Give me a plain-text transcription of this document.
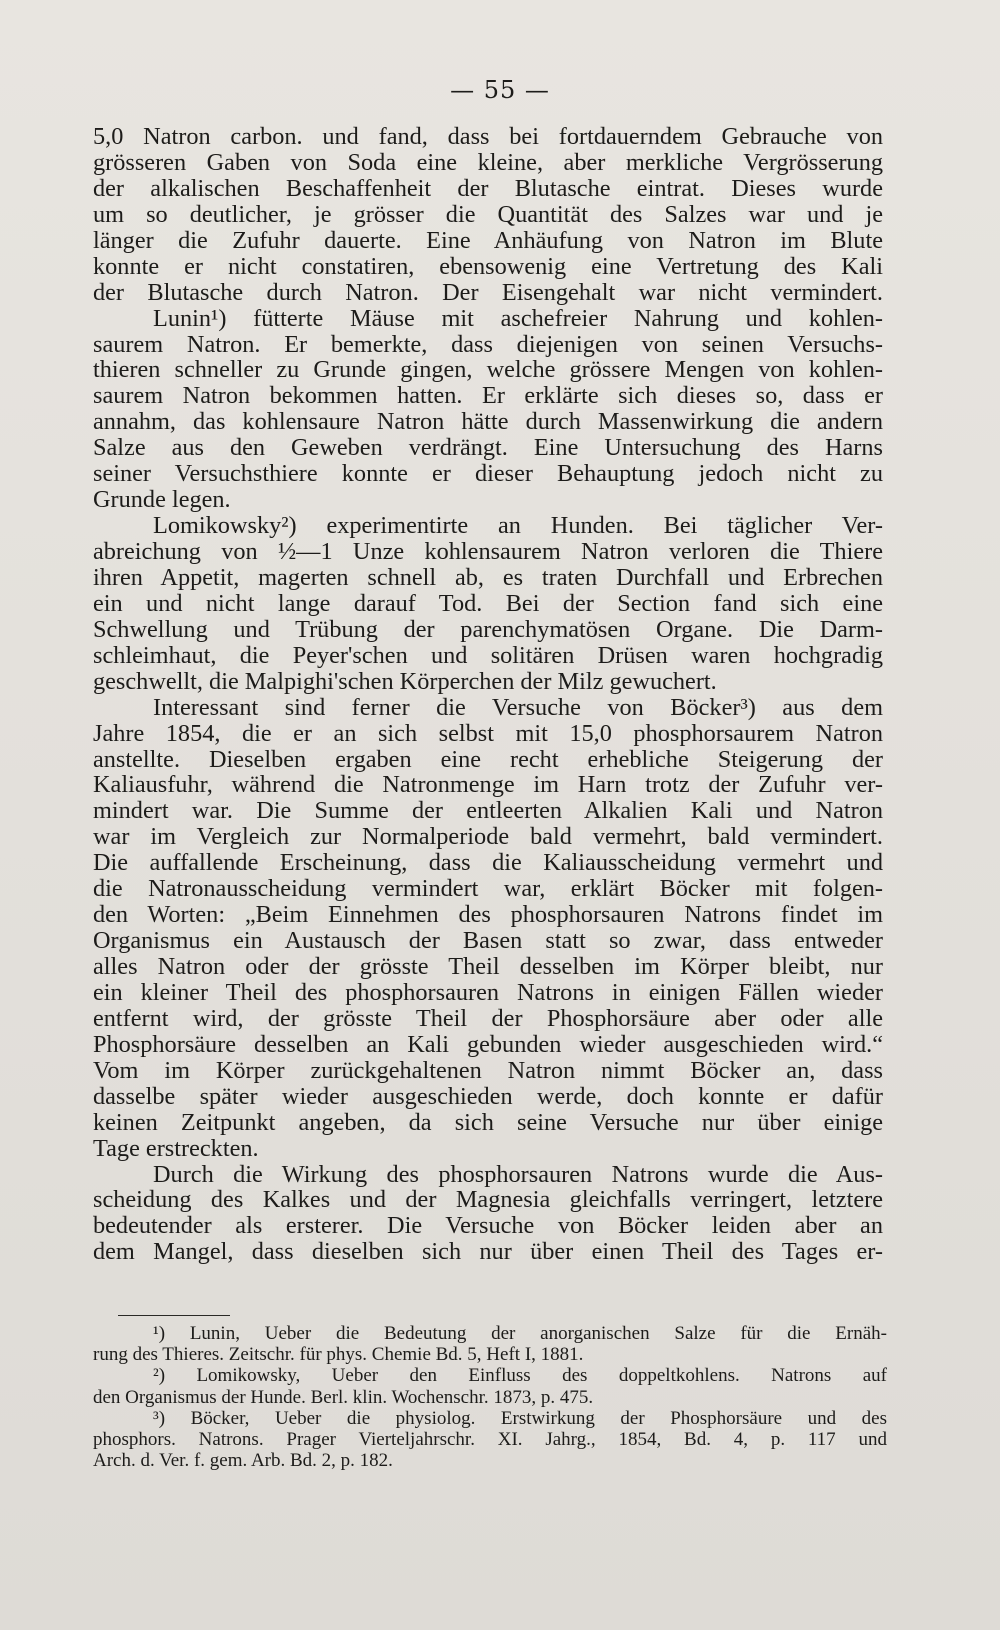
— 55 —
5,0 Natron carbon. und fand, dass bei fortdauerndem Gebrauche von
grösseren Gaben von Soda eine kleine, aber merkliche Vergrösserung
der alkalischen Beschaffenheit der Blutasche eintrat. Dieses wurde
um so deutlicher, je grösser die Quantität des Salzes war und je
länger die Zufuhr dauerte. Eine Anhäufung von Natron im Blute
konnte er nicht constatiren, ebensowenig eine Vertretung des Kali
der Blutasche durch Natron. Der Eisengehalt war nicht vermindert.
Lunin¹) fütterte Mäuse mit aschefreier Nahrung und kohlen-
saurem Natron. Er bemerkte, dass diejenigen von seinen Versuchs-
thieren schneller zu Grunde gingen, welche grössere Mengen von kohlen-
saurem Natron bekommen hatten. Er erklärte sich dieses so, dass er
annahm, das kohlensaure Natron hätte durch Massenwirkung die andern
Salze aus den Geweben verdrängt. Eine Untersuchung des Harns
seiner Versuchsthiere konnte er dieser Behauptung jedoch nicht zu
Grunde legen.
Lomikowsky²) experimentirte an Hunden. Bei täglicher Ver-
abreichung von ½—1 Unze kohlensaurem Natron verloren die Thiere
ihren Appetit, magerten schnell ab, es traten Durchfall und Erbrechen
ein und nicht lange darauf Tod. Bei der Section fand sich eine
Schwellung und Trübung der parenchymatösen Organe. Die Darm-
schleimhaut, die Peyer'schen und solitären Drüsen waren hochgradig
geschwellt, die Malpighi'schen Körperchen der Milz gewuchert.
Interessant sind ferner die Versuche von Böcker³) aus dem
Jahre 1854, die er an sich selbst mit 15,0 phosphorsaurem Natron
anstellte. Dieselben ergaben eine recht erhebliche Steigerung der
Kaliausfuhr, während die Natronmenge im Harn trotz der Zufuhr ver-
mindert war. Die Summe der entleerten Alkalien Kali und Natron
war im Vergleich zur Normalperiode bald vermehrt, bald vermindert.
Die auffallende Erscheinung, dass die Kaliausscheidung vermehrt und
die Natronausscheidung vermindert war, erklärt Böcker mit folgen-
den Worten: „Beim Einnehmen des phosphorsauren Natrons findet im
Organismus ein Austausch der Basen statt so zwar, dass entweder
alles Natron oder der grösste Theil desselben im Körper bleibt, nur
ein kleiner Theil des phosphorsauren Natrons in einigen Fällen wieder
entfernt wird, der grösste Theil der Phosphorsäure aber oder alle
Phosphorsäure desselben an Kali gebunden wieder ausgeschieden wird.“
Vom im Körper zurückgehaltenen Natron nimmt Böcker an, dass
dasselbe später wieder ausgeschieden werde, doch konnte er dafür
keinen Zeitpunkt angeben, da sich seine Versuche nur über einige
Tage erstreckten.
Durch die Wirkung des phosphorsauren Natrons wurde die Aus-
scheidung des Kalkes und der Magnesia gleichfalls verringert, letztere
bedeutender als ersterer. Die Versuche von Böcker leiden aber an
dem Mangel, dass dieselben sich nur über einen Theil des Tages er-
¹) Lunin, Ueber die Bedeutung der anorganischen Salze für die Ernäh-
rung des Thieres. Zeitschr. für phys. Chemie Bd. 5, Heft I, 1881.
²) Lomikowsky, Ueber den Einfluss des doppeltkohlens. Natrons auf
den Organismus der Hunde. Berl. klin. Wochenschr. 1873, p. 475.
³) Böcker, Ueber die physiolog. Erstwirkung der Phosphorsäure und des
phosphors. Natrons. Prager Vierteljahrschr. XI. Jahrg., 1854, Bd. 4, p. 117 und
Arch. d. Ver. f. gem. Arb. Bd. 2, p. 182.
